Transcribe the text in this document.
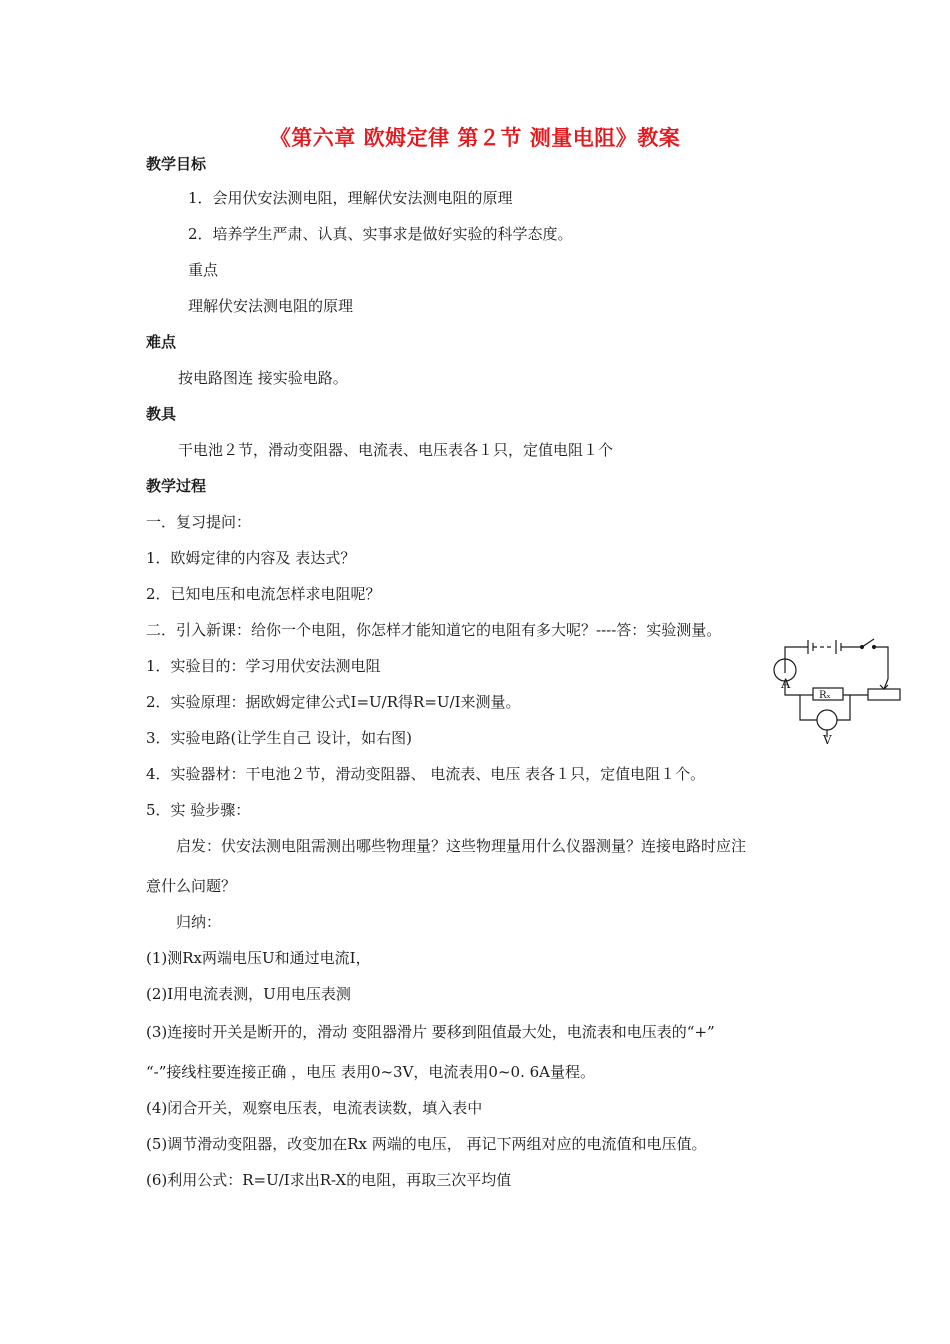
《第六章 欧姆定律 第２节 测量电阻》教案
教学目标
1．会用伏安法测电阻，理解伏安法测电阻的原理
2．培养学生严肃、认真、实事求是做好实验的科学态度。
重点
理解伏安法测电阻的原理
难点
按电路图连 接实验电路。
教具
干电池２节，滑动变阻器、电流表、电压表各１只，定值电阻１个
教学过程
一．复习提问：
1．欧姆定律的内容及 表达式？
2．已知电压和电流怎样求电阻呢？
二．引入新课：给你一个电阻，你怎样才能知道它的电阻有多大呢？----答：实验测量。
1．实验目的：学习用伏安法测电阻
2．实验原理：据欧姆定律公式I=U/R得R=U/I来测量。
3．实验电路(让学生自己 设计，如右图)
4．实验器材：干电池２节，滑动变阻器、 电流表、电压 表各１只，定值电阻１个。
5．实 验步骤：
启发：伏安法测电阻需测出哪些物理量？这些物理量用什么仪器测量？连接电路时应注
意什么问题？
归纳：
(1)测Rx两端电压U和通过电流I，
(2)I用电流表测，U用电压表测
(3)连接时开关是断开的，滑动 变阻器滑片 要移到阻值最大处，电流表和电压表的“+”
“-”接线柱要连接正确 ，电压 表用0~3V，电流表用0~0. 6A量程。
(4)闭合开关，观察电压表，电流表读数，填入表中
(5)调节滑动变阻器，改变加在Rx 两端的电压， 再记下两组对应的电流值和电压值。
(6)利用公式：R=U/I求出R-X的电阻，再取三次平均值
A
Rₓ
V
